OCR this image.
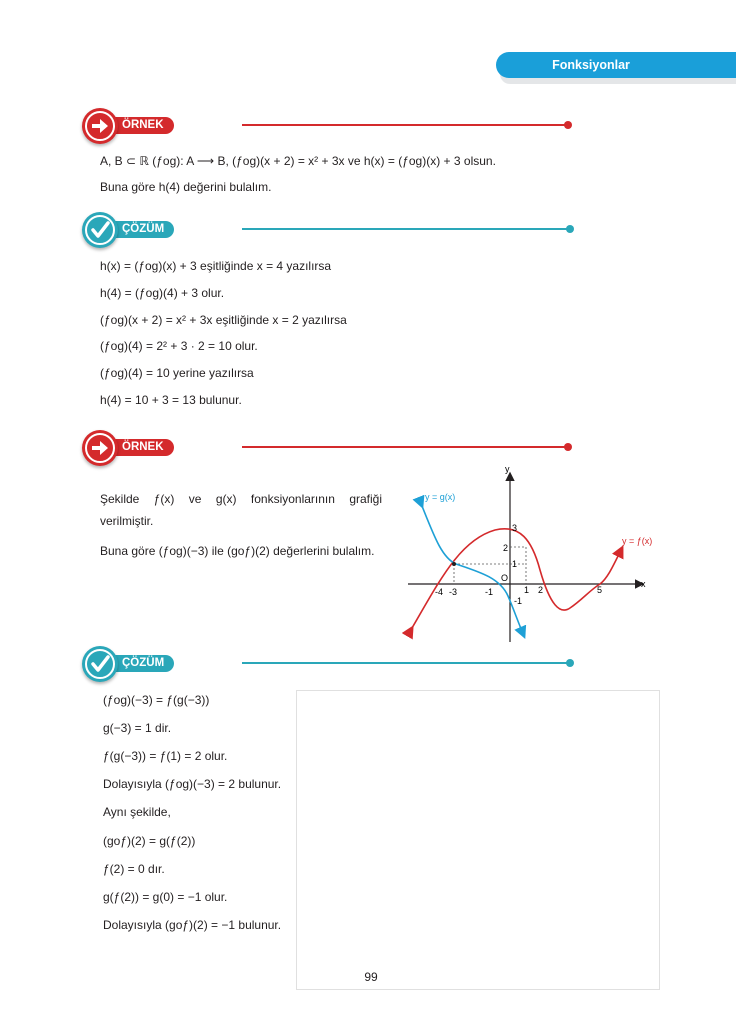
Fonksiyonlar
ÖRNEK
A, B ⊂ ℝ (ƒog): A ⟶ B, (ƒog)(x + 2) = x² + 3x ve h(x) = (ƒog)(x) + 3 olsun.
Buna göre h(4) değerini bulalım.
ÇÖZÜM
h(x) = (ƒog)(x) + 3 eşitliğinde x = 4 yazılırsa
h(4) = (ƒog)(4) + 3 olur.
(ƒog)(x + 2) = x² + 3x eşitliğinde x = 2 yazılırsa
(ƒog)(4) = 2² + 3 · 2 = 10 olur.
(ƒog)(4) = 10 yerine yazılırsa
h(4) = 10 + 3 = 13 bulunur.
ÖRNEK
Şekilde ƒ(x) ve g(x) fonksiyonlarının grafiği verilmiştir.
Buna göre (ƒog)(−3) ile (goƒ)(2) değerlerini bulalım.
y = g(x)
y = ƒ(x)
y
x
O
-4 -3	-1	1 2	5
3
2
1
-1
ÇÖZÜM
(ƒog)(−3) = ƒ(g(−3))
g(−3) = 1 dir.
ƒ(g(−3)) = ƒ(1) = 2 olur.
Dolayısıyla (ƒog)(−3) = 2 bulunur.
Aynı şekilde,
(goƒ)(2) = g(ƒ(2))
ƒ(2) = 0 dır.
g(ƒ(2)) = g(0) = −1 olur.
Dolayısıyla (goƒ)(2) = −1 bulunur.
99
